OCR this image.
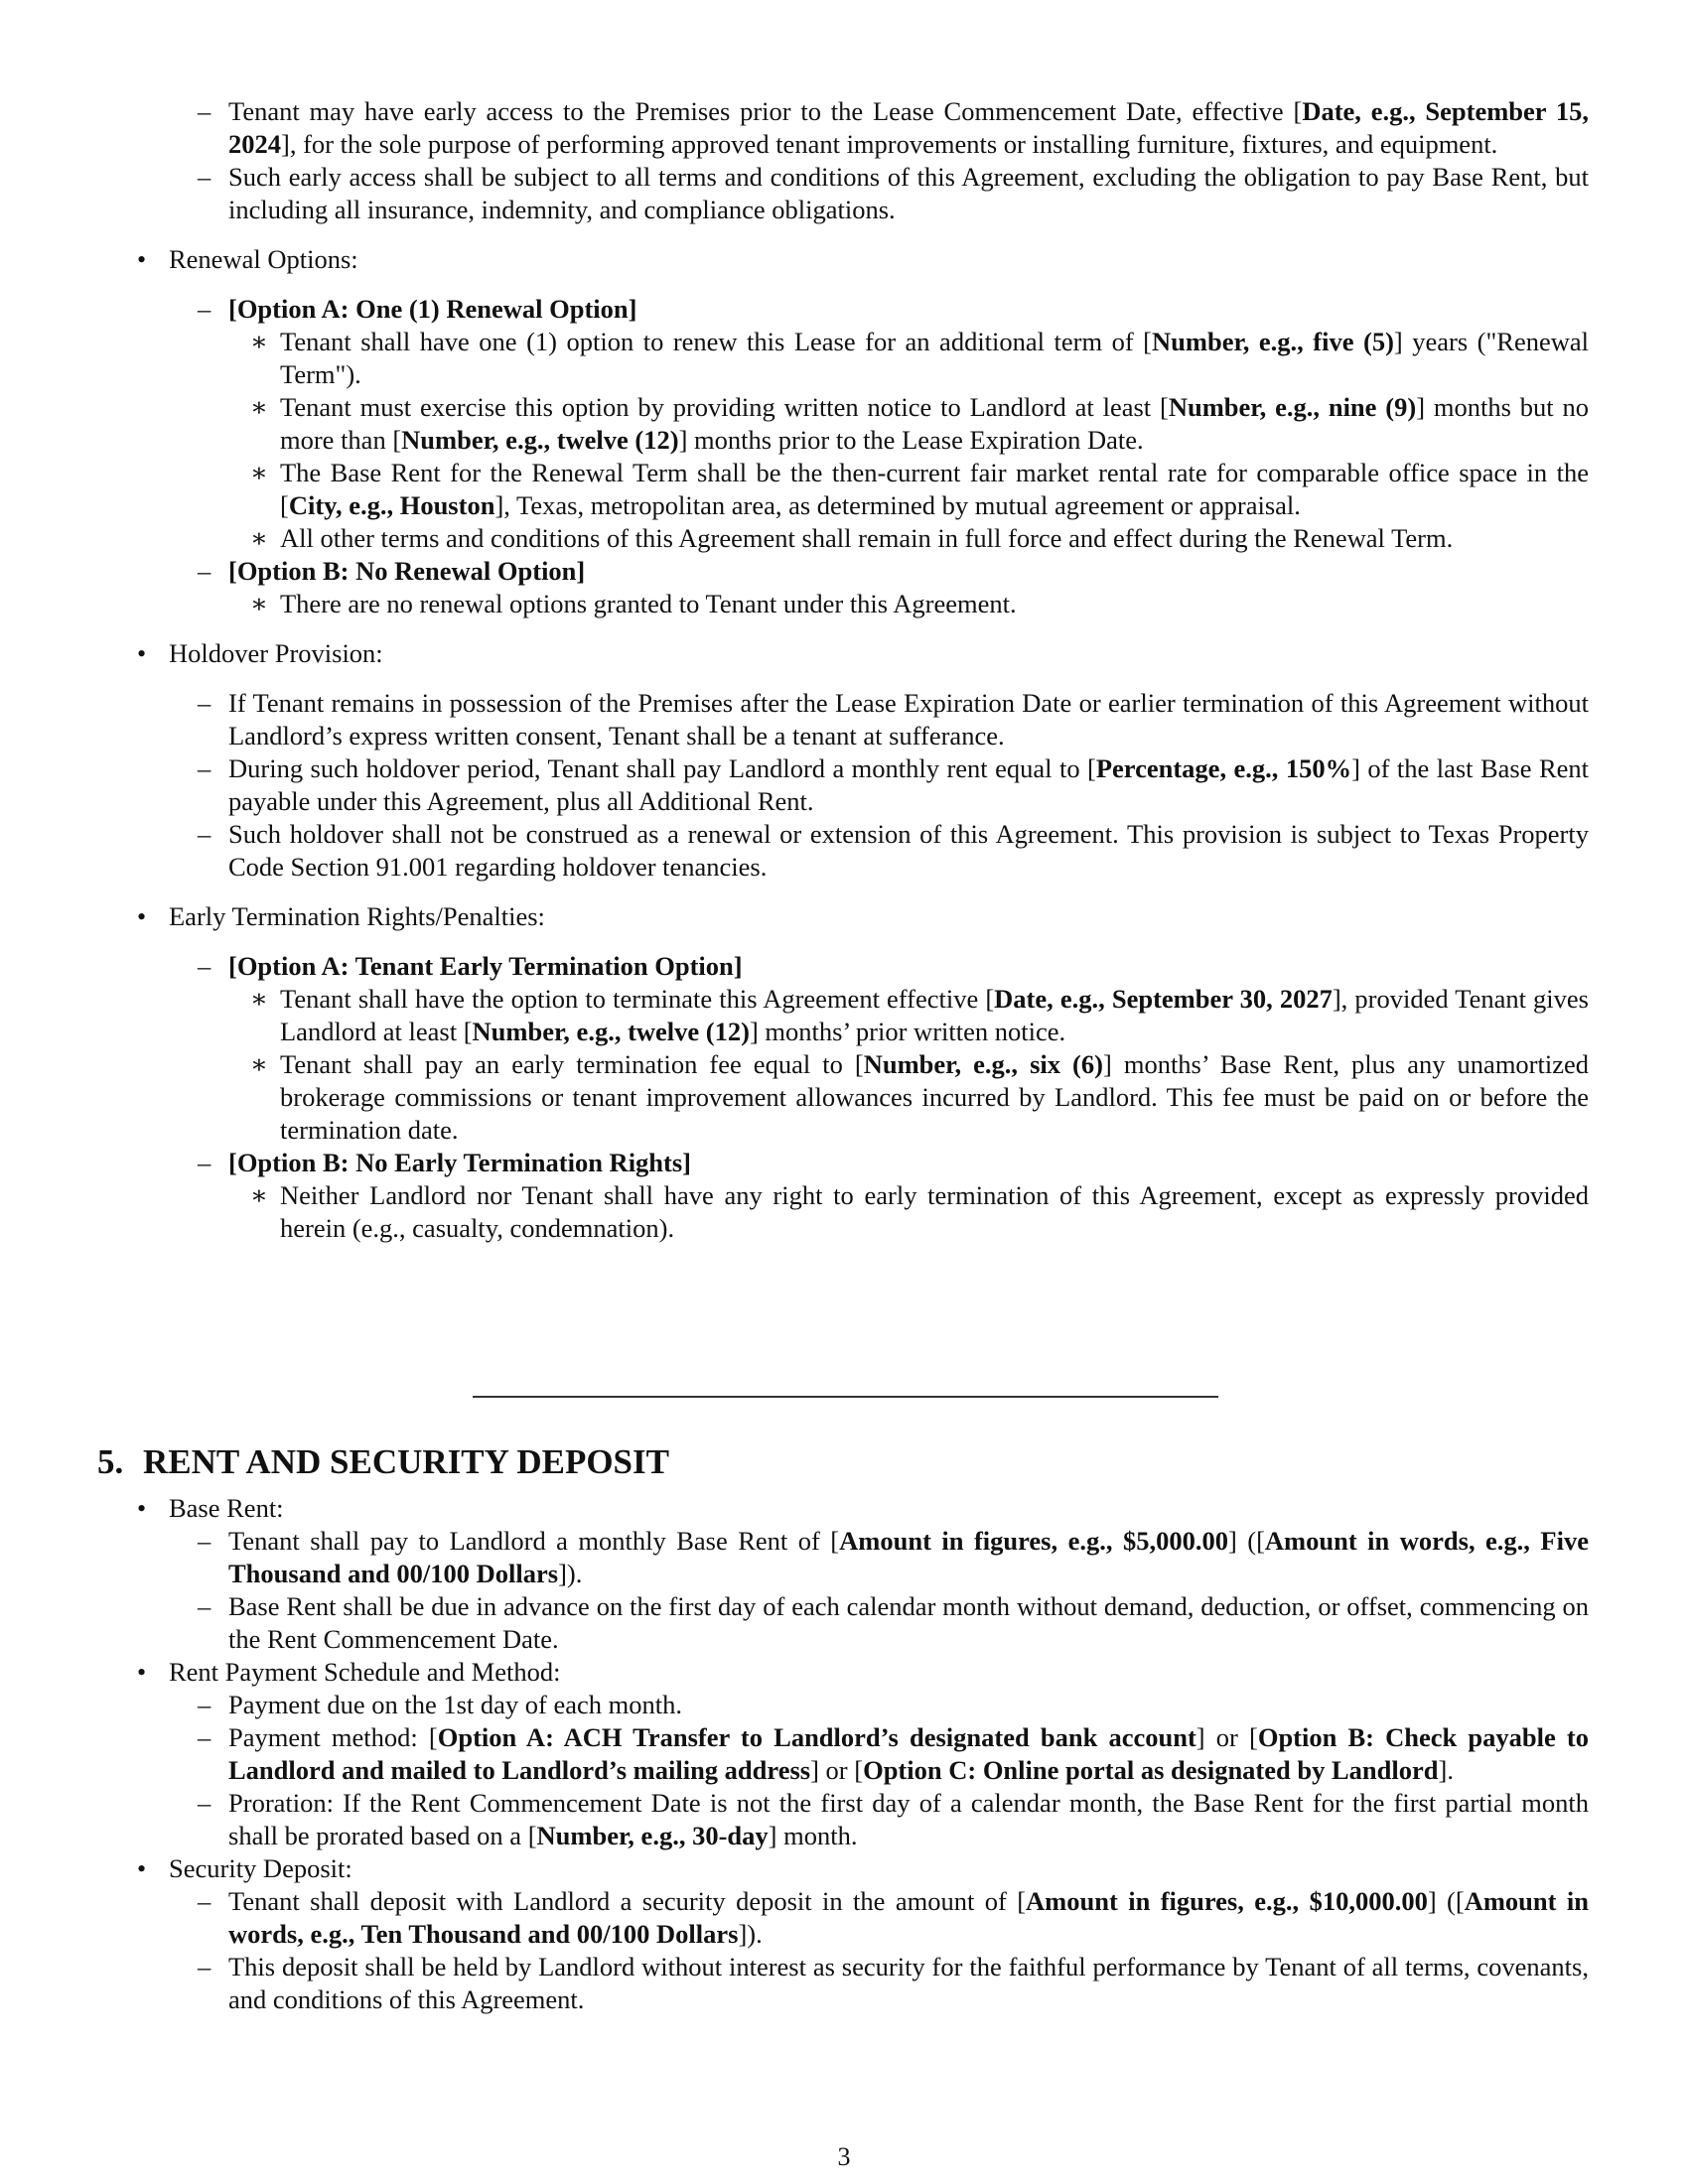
– Tenant may have early access to the Premises prior to the Lease Commencement Date, effective [Date, e.g., September 15, 2024], for the sole purpose of performing approved tenant improvements or installing furniture, fixtures, and equipment.
– Such early access shall be subject to all terms and conditions of this Agreement, excluding the obligation to pay Base Rent, but including all insurance, indemnity, and compliance obligations.
• Renewal Options:
– [Option A: One (1) Renewal Option]
∗ Tenant shall have one (1) option to renew this Lease for an additional term of [Number, e.g., five (5)] years ("Renewal Term").
∗ Tenant must exercise this option by providing written notice to Landlord at least [Number, e.g., nine (9)] months but no more than [Number, e.g., twelve (12)] months prior to the Lease Expiration Date.
∗ The Base Rent for the Renewal Term shall be the then-current fair market rental rate for comparable office space in the [City, e.g., Houston], Texas, metropolitan area, as determined by mutual agreement or appraisal.
∗ All other terms and conditions of this Agreement shall remain in full force and effect during the Renewal Term.
– [Option B: No Renewal Option]
∗ There are no renewal options granted to Tenant under this Agreement.
• Holdover Provision:
– If Tenant remains in possession of the Premises after the Lease Expiration Date or earlier termination of this Agreement without Landlord’s express written consent, Tenant shall be a tenant at sufferance.
– During such holdover period, Tenant shall pay Landlord a monthly rent equal to [Percentage, e.g., 150%] of the last Base Rent payable under this Agreement, plus all Additional Rent.
– Such holdover shall not be construed as a renewal or extension of this Agreement. This provision is subject to Texas Property Code Section 91.001 regarding holdover tenancies.
• Early Termination Rights/Penalties:
– [Option A: Tenant Early Termination Option]
∗ Tenant shall have the option to terminate this Agreement effective [Date, e.g., September 30, 2027], provided Tenant gives Landlord at least [Number, e.g., twelve (12)] months’ prior written notice.
∗ Tenant shall pay an early termination fee equal to [Number, e.g., six (6)] months’ Base Rent, plus any unamortized brokerage commissions or tenant improvement allowances incurred by Landlord. This fee must be paid on or before the termination date.
– [Option B: No Early Termination Rights]
∗ Neither Landlord nor Tenant shall have any right to early termination of this Agreement, except as expressly provided herein (e.g., casualty, condemnation).
5. RENT AND SECURITY DEPOSIT
• Base Rent:
– Tenant shall pay to Landlord a monthly Base Rent of [Amount in figures, e.g., $5,000.00] ([Amount in words, e.g., Five Thousand and 00/100 Dollars]).
– Base Rent shall be due in advance on the first day of each calendar month without demand, deduction, or offset, commencing on the Rent Commencement Date.
• Rent Payment Schedule and Method:
– Payment due on the 1st day of each month.
– Payment method: [Option A: ACH Transfer to Landlord’s designated bank account] or [Option B: Check payable to Landlord and mailed to Landlord’s mailing address] or [Option C: Online portal as designated by Landlord].
– Proration: If the Rent Commencement Date is not the first day of a calendar month, the Base Rent for the first partial month shall be prorated based on a [Number, e.g., 30-day] month.
• Security Deposit:
– Tenant shall deposit with Landlord a security deposit in the amount of [Amount in figures, e.g., $10,000.00] ([Amount in words, e.g., Ten Thousand and 00/100 Dollars]).
– This deposit shall be held by Landlord without interest as security for the faithful performance by Tenant of all terms, covenants, and conditions of this Agreement.
3
